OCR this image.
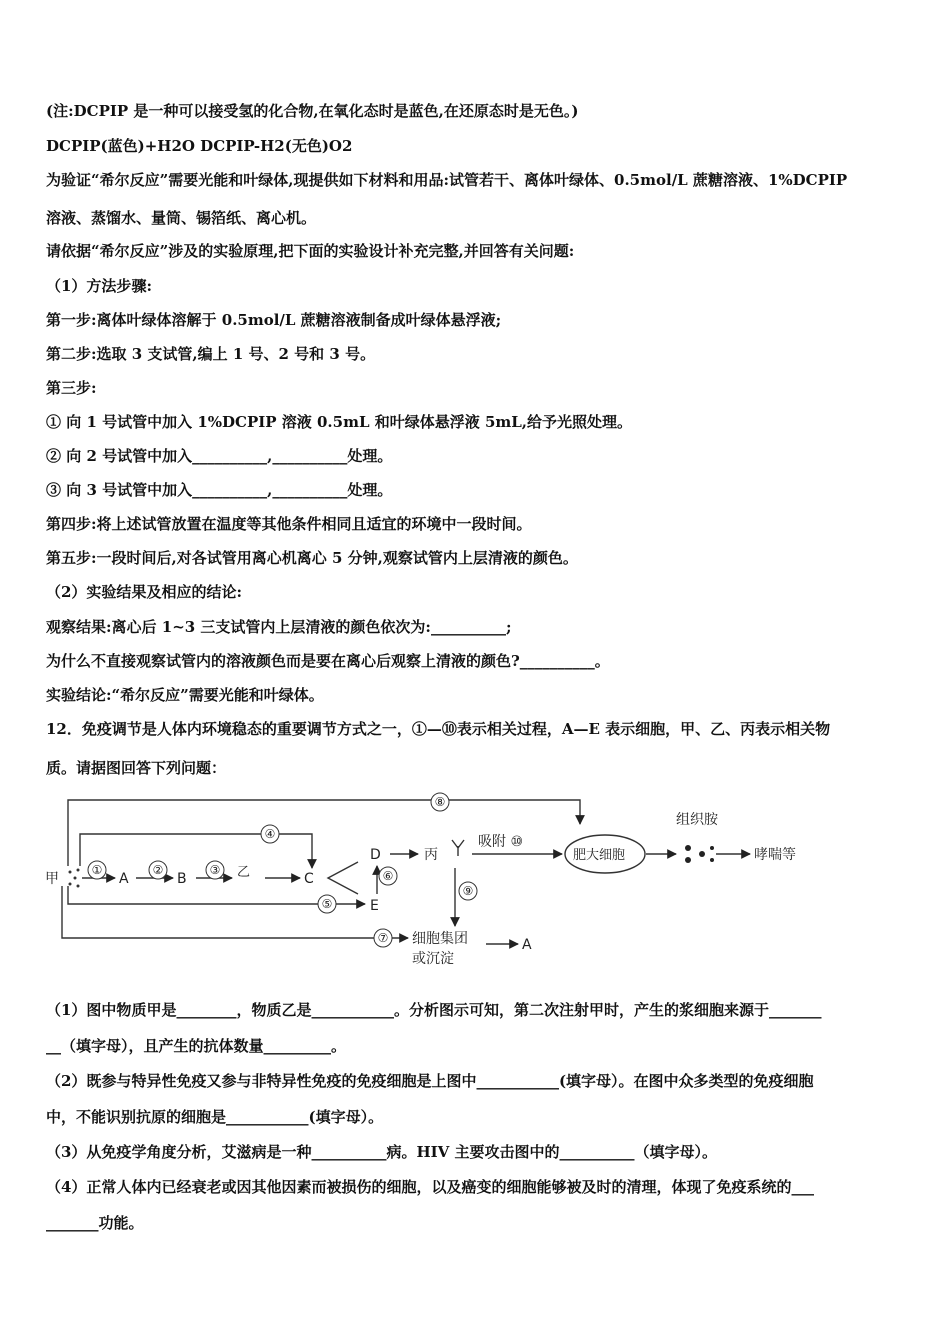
(注:DCPIP 是一种可以接受氢的化合物,在氧化态时是蓝色,在还原态时是无色。)
DCPIP(蓝色)+H2O DCPIP-H2(无色)O2
为验证“希尔反应”需要光能和叶绿体,现提供如下材料和用品:试管若干、离体叶绿体、0.5mol/L 蔗糖溶液、1%DCPIP
溶液、蒸馏水、量筒、锡箔纸、离心机。
请依据“希尔反应”涉及的实验原理,把下面的实验设计补充完整,并回答有关问题:
（1）方法步骤:
第一步:离体叶绿体溶解于 0.5mol/L 蔗糖溶液制备成叶绿体悬浮液;
第二步:选取 3 支试管,编上 1 号、2 号和 3 号。
第三步:
① 向 1 号试管中加入 1%DCPIP 溶液 0.5mL 和叶绿体悬浮液 5mL,给予光照处理。
② 向 2 号试管中加入__________,__________处理。
③ 向 3 号试管中加入__________,__________处理。
第四步:将上述试管放置在温度等其他条件相同且适宜的环境中一段时间。
第五步:一段时间后,对各试管用离心机离心 5 分钟,观察试管内上层清液的颜色。
（2）实验结果及相应的结论:
观察结果:离心后 1~3 三支试管内上层清液的颜色依次为:__________;
为什么不直接观察试管内的溶液颜色而是要在离心后观察上清液的颜色?__________。
实验结论:“希尔反应”需要光能和叶绿体。
12．免疫调节是人体内环境稳态的重要调节方式之一，①—⑩表示相关过程，A—E 表示细胞，甲、乙、丙表示相关物
质。请据图回答下列问题：
甲	A	B	乙	C
D
E
丙
吸附 ⑩
肥大细胞
组织胺
哮喘等
细胞集团
或沉淀
A
①	②	③
④
⑤
⑥
⑦
⑧
⑨
（1）图中物质甲是________，物质乙是___________。分析图示可知，第二次注射甲时，产生的浆细胞来源于_______
__（填字母），且产生的抗体数量_________。
（2）既参与特异性免疫又参与非特异性免疫的免疫细胞是上图中___________(填字母）。在图中众多类型的免疫细胞
中，不能识别抗原的细胞是___________(填字母）。
（3）从免疫学角度分析，艾滋病是一种__________病。HIV 主要攻击图中的__________（填字母）。
（4）正常人体内已经衰老或因其他因素而被损伤的细胞，以及癌变的细胞能够被及时的清理，体现了免疫系统的___
_______功能。
